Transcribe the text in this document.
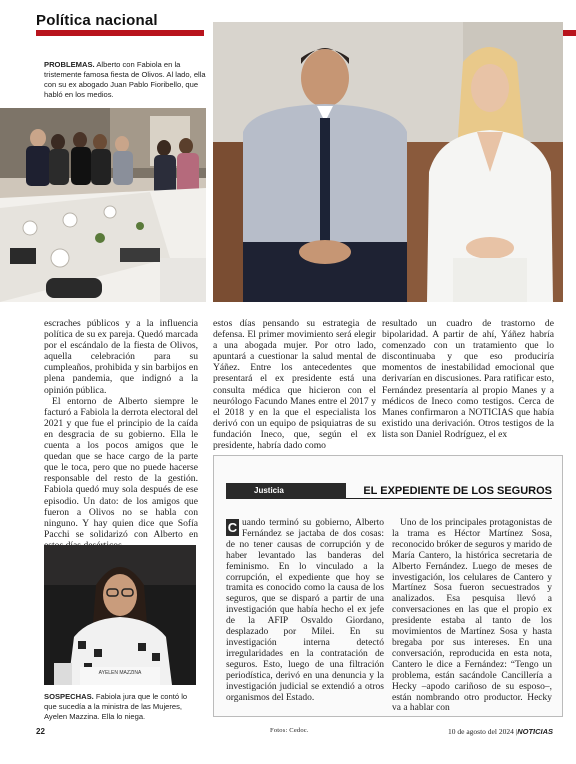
Política nacional
PROBLEMAS. Alberto con Fabiola en la tristemente famosa fiesta de Olivos. Al lado, ella con su ex abogado Juan Pablo Fioribello, que habló en los medios.

escraches públicos y a la influencia política de su ex pareja. Quedó marcada por el escándalo de la fiesta de Olivos, aquella celebración para su cumpleaños, prohibida y sin barbijos en plena pandemia, que indignó a la opinión pública.

El entorno de Alberto siempre le facturó a Fabiola la derrota electoral del 2021 y que fue el principio de la caída en desgracia de su gobierno. Ella le cuenta a los pocos amigos que le quedan que se hace cargo de la parte que le toca, pero que no puede hacerse responsable del resto de la gestión. Fabiola quedó muy sola después de ese episodio. Un dato: de los amigos que fueron a Olivos no se habla con ninguno. Y hay quien dice que Sofía Pacchi se solidarizó con Alberto en

AYELEN MAZZINA
SOSPECHAS. Fabiola jura que le contó lo que sucedía a la ministra de las Mujeres, Ayelen Mazzina. Ella lo niega.

estos días pensando su estrategia de defensa. El primer movimiento será elegir a una abogada mujer. Por otro lado, apuntará a cuestionar la salud mental de Yáñez. Entre los antecedentes que presentará el ex presidente está una consulta médica que hicieron con el neurólogo Facundo Manes entre el 2017 y el 2018 y en la que el especialista los derivó con un equipo de psiquiatras de su fundación Ineco, que, según el ex presidente, habría dado como

resultado un cuadro de trastorno de bipolaridad. A partir de ahí, Yáñez habría comenzado con un tratamiento que lo discontinuaba y que eso produciría momentos de inestabilidad emocional que derivarían en discusiones. Para ratificar esto, Fernández presentaría al propio Manes y a médicos de Ineco como testigos. Cerca de Manes confirmaron a NOTICIAS que había existido una derivación. Otros testigos de la lista son Daniel Rodríguez, el ex

Justicia	EL EXPEDIENTE DE LOS SEGUROS

C uando terminó su gobierno, Alberto Fernández se jactaba de dos cosas: de no tener causas de corrupción y de haber levantado las banderas del feminismo. En lo vinculado a la corrupción, el expediente que hoy se tramita es conocido como la causa de los seguros, que se disparó a partir de una investigación que había hecho el ex jefe de la AFIP Osvaldo Giordano, desplazado por Milei. En su investigación interna detectó irregularidades en la contratación de seguros. Esto, luego de una filtración periodística, derivó en una denuncia y la investigación judicial se extendió a otros organismos del Estado.

Uno de los principales protagonistas de la trama es Héctor Martínez Sosa, reconocido bróker de seguros y marido de María Cantero, la histórica secretaria de Alberto Fernández. Luego de meses de investigación, los celulares de Cantero y Martínez Sosa fueron secuestrados y analizados. Esa pesquisa llevó a conversaciones en las que el propio ex presidente estaba al tanto de los movimientos de Martínez Sosa y hasta bregaba por sus intereses. En una conversación, reproducida en esta nota, Cantero le dice a Fernández: “Tengo un problema, están sacándole Cancillería a Hecky –apodo cariñoso de su esposo–, están nombrando otro productor. Hecky va a hablar con

22	Fotos: Cedoc.	10 de agosto del 2024 |NOTICIAS
